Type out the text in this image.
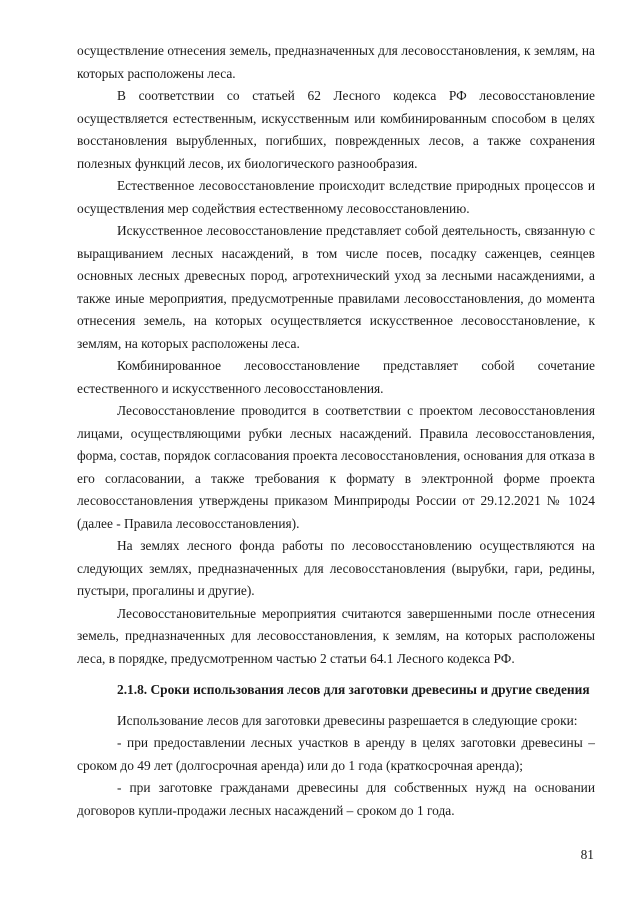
осуществление отнесения земель, предназначенных для лесовосстановления, к землям, на которых расположены леса.

В соответствии со статьей 62 Лесного кодекса РФ лесовосстановление осуществляется естественным, искусственным или комбинированным способом в целях восстановления вырубленных, погибших, поврежденных лесов, а также сохранения полезных функций лесов, их биологического разнообразия.

Естественное лесовосстановление происходит вследствие природных процессов и осуществления мер содействия естественному лесовосстановлению.

Искусственное лесовосстановление представляет собой деятельность, связанную с выращиванием лесных насаждений, в том числе посев, посадку саженцев, сеянцев основных лесных древесных пород, агротехнический уход за лесными насаждениями, а также иные мероприятия, предусмотренные правилами лесовосстановления, до момента отнесения земель, на которых осуществляется искусственное лесовосстановление, к землям, на которых расположены леса.

Комбинированное лесовосстановление представляет собой сочетание естественного и искусственного лесовосстановления.

Лесовосстановление проводится в соответствии с проектом лесовосстановления лицами, осуществляющими рубки лесных насаждений. Правила лесовосстановления, форма, состав, порядок согласования проекта лесовосстановления, основания для отказа в его согласовании, а также требования к формату в электронной форме проекта лесовосстановления утверждены приказом Минприроды России от 29.12.2021 № 1024 (далее - Правила лесовосстановления).

На землях лесного фонда работы по лесовосстановлению осуществляются на следующих землях, предназначенных для лесовосстановления (вырубки, гари, редины, пустыри, прогалины и другие).

Лесовосстановительные мероприятия считаются завершенными после отнесения земель, предназначенных для лесовосстановления, к землям, на которых расположены леса, в порядке, предусмотренном частью 2 статьи 64.1 Лесного кодекса РФ.

2.1.8. Сроки использования лесов для заготовки древесины и другие сведения

Использование лесов для заготовки древесины разрешается в следующие сроки:

- при предоставлении лесных участков в аренду в целях заготовки древесины – сроком до 49 лет (долгосрочная аренда) или до 1 года (краткосрочная аренда);

- при заготовке гражданами древесины для собственных нужд на основании договоров купли-продажи лесных насаждений – сроком до 1 года.

81
